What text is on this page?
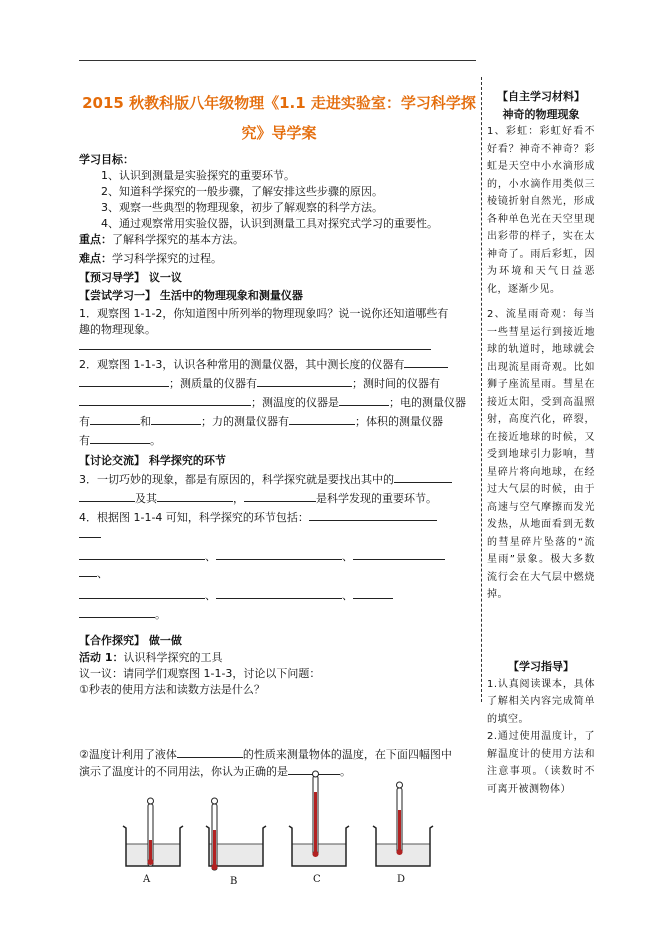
2015 秋教科版八年级物理《1.1 走进实验室：学习科学探
究》导学案
学习目标：
1、认识到测量是实验探究的重要环节。
2、知道科学探究的一般步骤，了解安排这些步骤的原因。
3、观察一些典型的物理现象，初步了解观察的科学方法。
4、通过观察常用实验仪器，认识到测量工具对探究式学习的重要性。
重点：了解科学探究的基本方法。
难点：学习科学探究的过程。
【预习导学】 议一议
【尝试学习一】 生活中的物理现象和测量仪器
1．观察图 1-1-2，你知道图中所列举的物理现象吗？说一说你还知道哪些有
趣的物理现象。
2．观察图 1-1-3，认识各种常用的测量仪器，其中测长度的仪器有
；测质量的仪器有	；测时间的仪器有
；测温度的仪器是	；电的测量仪器
有	和	；力的测量仪器有	；体积的测量仪器
有	。
【讨论交流】 科学探究的环节
3．一切巧妙的现象，都是有原因的，科学探究就是要找出其中的
及其	，	是科学发现的重要环节。
4．根据图 1-1-4 可知，科学探究的环节包括：
、	、
、
、	、
。
【合作探究】 做一做
活动 1：认识科学探究的工具
议一议：请同学们观察图 1-1-3，讨论以下问题：
①秒表的使用方法和读数方法是什么？
②温度计利用了液体	的性质来测量物体的温度，在下面四幅图中
演示了温度计的不同用法，你认为正确的是	。
【自主学习材料】
神奇的物理现象

1、彩虹：彩虹好看不好看？神奇不神奇？彩虹是天空中小水滴形成的，小水滴作用类似三棱镜折射自然光，形成各种单色光在天空里现出彩带的样子，实在太神奇了。雨后彩虹，因为环境和天气日益恶化，逐渐少见。

2、流星雨奇观：每当一些彗星运行到接近地球的轨道时，地球就会出现流星雨奇观。比如狮子座流星雨。彗星在接近太阳，受到高温照射，高度汽化，碎裂，在接近地球的时候，又受到地球引力影响，彗星碎片将向地球，在经过大气层的时候，由于高速与空气摩擦而发光发热，从地面看到无数的彗星碎片坠落的“流星雨”景象。极大多数流行会在大气层中燃烧掉。

【学习指导】

1.认真阅读课本，具体了解相关内容完成简单的填空。

2.通过使用温度计，了解温度计的使用方法和注意事项。（读数时不可离开被测物体）

A	B	C	D
